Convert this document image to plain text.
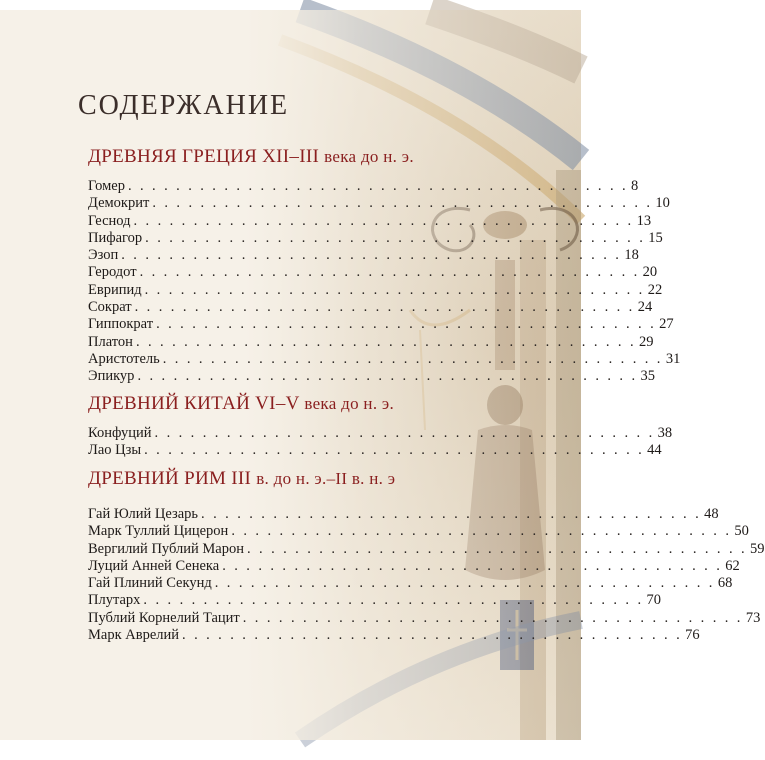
СОДЕРЖАНИЕ
ДРЕВНЯЯ ГРЕЦИЯ XII–III века до н. э.
Гомер . . . . . . . . . . . . . . . . . . . . . . . . . . . . . . . . . . . . . . . . . . 8
Демокрит . . . . . . . . . . . . . . . . . . . . . . . . . . . . . . . . . . . . . . . . . . 10
Геснод . . . . . . . . . . . . . . . . . . . . . . . . . . . . . . . . . . . . . . . . . . 13
Пифагор . . . . . . . . . . . . . . . . . . . . . . . . . . . . . . . . . . . . . . . . . . 15
Эзоп . . . . . . . . . . . . . . . . . . . . . . . . . . . . . . . . . . . . . . . . . . 18
Геродот . . . . . . . . . . . . . . . . . . . . . . . . . . . . . . . . . . . . . . . . . . 20
Еврипид . . . . . . . . . . . . . . . . . . . . . . . . . . . . . . . . . . . . . . . . . . 22
Сократ . . . . . . . . . . . . . . . . . . . . . . . . . . . . . . . . . . . . . . . . . . 24
Гиппократ . . . . . . . . . . . . . . . . . . . . . . . . . . . . . . . . . . . . . . . . . . 27
Платон . . . . . . . . . . . . . . . . . . . . . . . . . . . . . . . . . . . . . . . . . . 29
Аристотель . . . . . . . . . . . . . . . . . . . . . . . . . . . . . . . . . . . . . . . . . . 31
Эпикур . . . . . . . . . . . . . . . . . . . . . . . . . . . . . . . . . . . . . . . . . . 35
ДРЕВНИЙ КИТАЙ VI–V века до н. э.
Конфуций . . . . . . . . . . . . . . . . . . . . . . . . . . . . . . . . . . . . . . . . . . 38
Лао Цзы . . . . . . . . . . . . . . . . . . . . . . . . . . . . . . . . . . . . . . . . . . 44
ДРЕВНИЙ РИМ III в. до н. э.–II в. н. э
Гай Юлий Цезарь . . . . . . . . . . . . . . . . . . . . . . . . . . . . . . . . . . . . . . . . . . 48
Марк Туллий Цицерон . . . . . . . . . . . . . . . . . . . . . . . . . . . . . . . . . . . . . . . . . . 50
Вергилий Публий Марон . . . . . . . . . . . . . . . . . . . . . . . . . . . . . . . . . . . . . . . . . . 59
Луций Анней Сенека . . . . . . . . . . . . . . . . . . . . . . . . . . . . . . . . . . . . . . . . . . 62
Гай Плиний Секунд . . . . . . . . . . . . . . . . . . . . . . . . . . . . . . . . . . . . . . . . . . 68
Плутарх . . . . . . . . . . . . . . . . . . . . . . . . . . . . . . . . . . . . . . . . . . 70
Публий Корнелий Тацит . . . . . . . . . . . . . . . . . . . . . . . . . . . . . . . . . . . . . . . . . . 73
Марк Аврелий . . . . . . . . . . . . . . . . . . . . . . . . . . . . . . . . . . . . . . . . . . 76
